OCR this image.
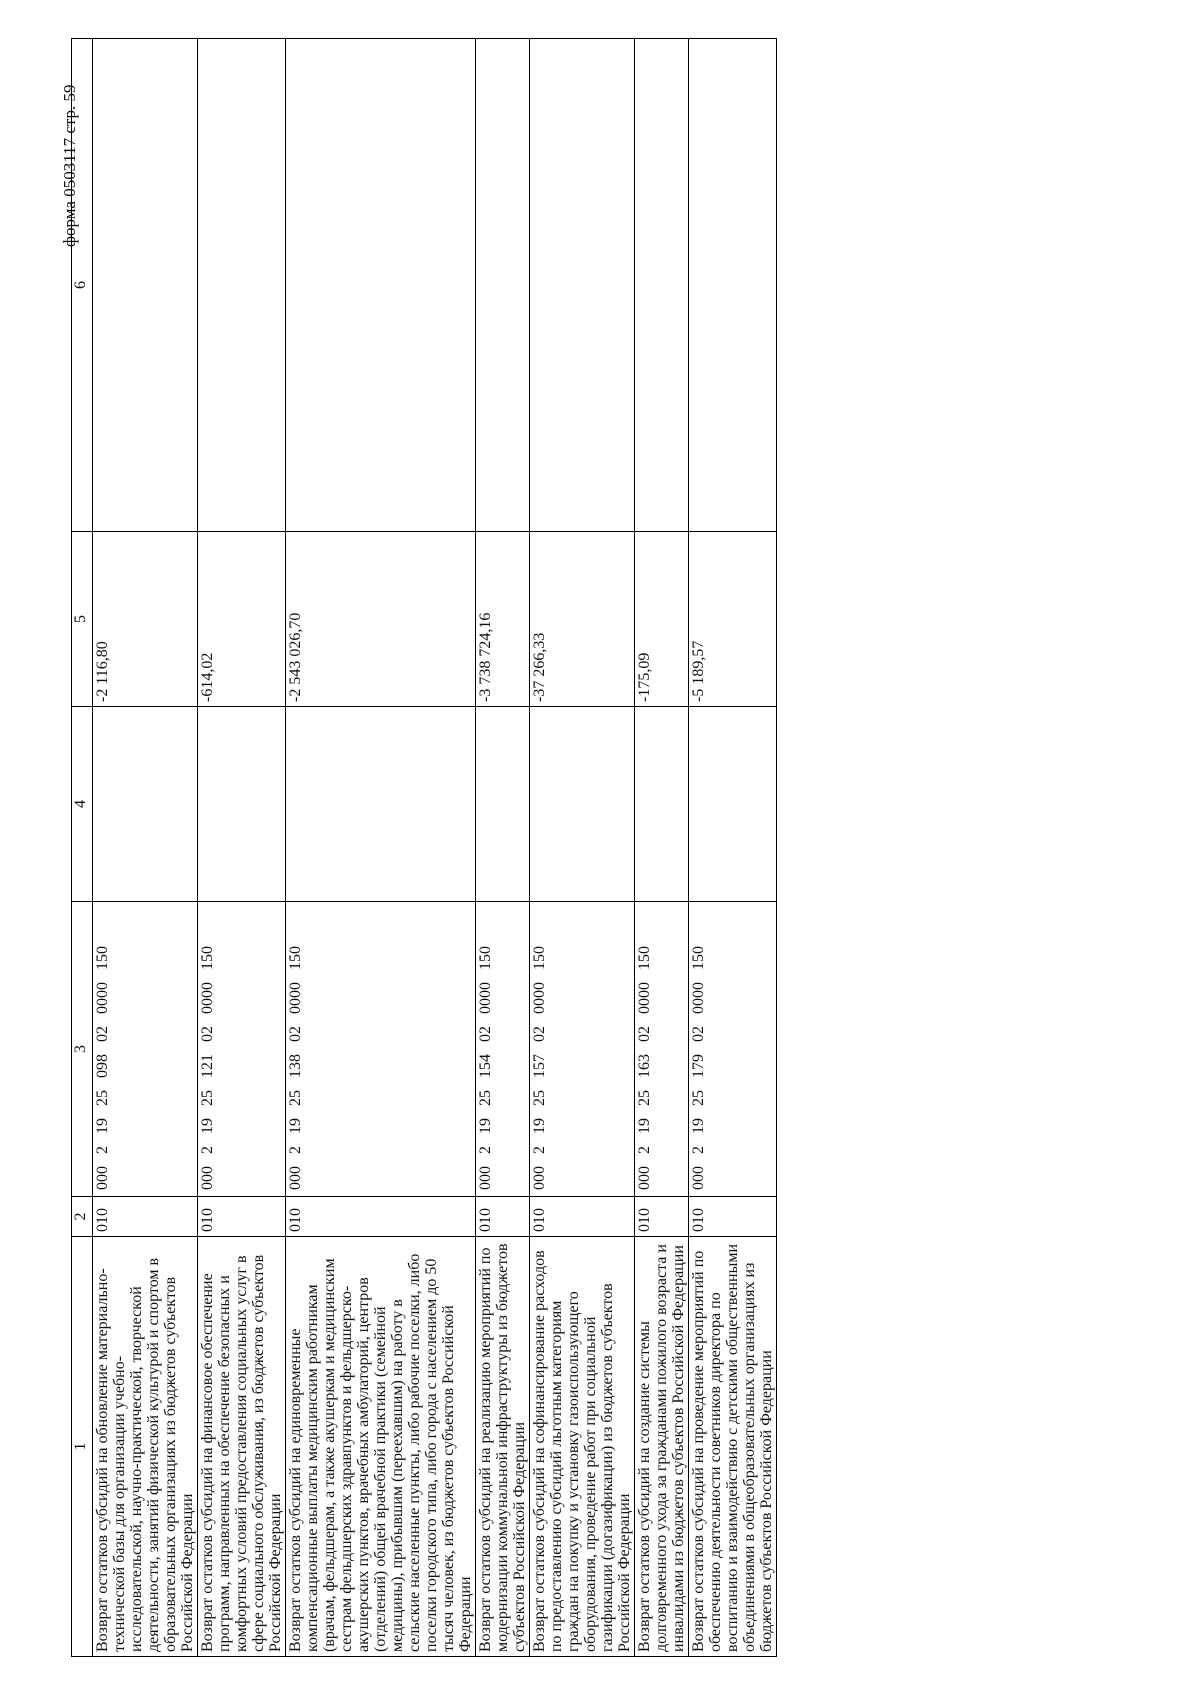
форма 0503117 стр. 59
1	2	3	4	5	6
Возврат остатков субсидий на обновление материально-технической базы для организации учебно-исследовательской, научно-практической, творческой деятельности, занятий физической культурой и спортом в образовательных организациях из бюджетов субъектов Российской Федерации	010	000 2 19 25 098 02 0000 150		-2 116,80	
Возврат остатков субсидий на финансовое обеспечение программ, направленных на обеспечение безопасных и комфортных условий предоставления социальных услуг в сфере социального обслуживания, из бюджетов субъектов Российской Федерации	010	000 2 19 25 121 02 0000 150		-614,02	
Возврат остатков субсидий на единовременные компенсационные выплаты медицинским работникам (врачам, фельдшерам, а также акушеркам и медицинским сестрам фельдшерских здравпунктов и фельдшерско-акушерских пунктов, врачебных амбулаторий, центров (отделений) общей врачебной практики (семейной медицины), прибывшим (переехавшим) на работу в сельские населенные пункты, либо рабочие поселки, либо поселки городского типа, либо города с населением до 50 тысяч человек, из бюджетов субъектов Российской Федерации	010	000 2 19 25 138 02 0000 150		-2 543 026,70	
Возврат остатков субсидий на реализацию мероприятий по модернизации коммунальной инфраструктуры из бюджетов субъектов Российской Федерации	010	000 2 19 25 154 02 0000 150		-3 738 724,16	
Возврат остатков субсидий на софинансирование расходов по предоставлению субсидий льготным категориям граждан на покупку и установку газоиспользующего оборудования, проведение работ при социальной газификации (догазификации) из бюджетов субъектов Российской Федерации	010	000 2 19 25 157 02 0000 150		-37 266,33	
Возврат остатков субсидий на создание системы долговременного ухода за гражданами пожилого возраста и инвалидами из бюджетов субъектов Российской Федерации	010	000 2 19 25 163 02 0000 150		-175,09	
Возврат остатков субсидий на проведение мероприятий по обеспечению деятельности советников директора по воспитанию и взаимодействию с детскими общественными объединениями в общеобразовательных организациях из бюджетов субъектов Российской Федерации	010	000 2 19 25 179 02 0000 150		-5 189,57	
